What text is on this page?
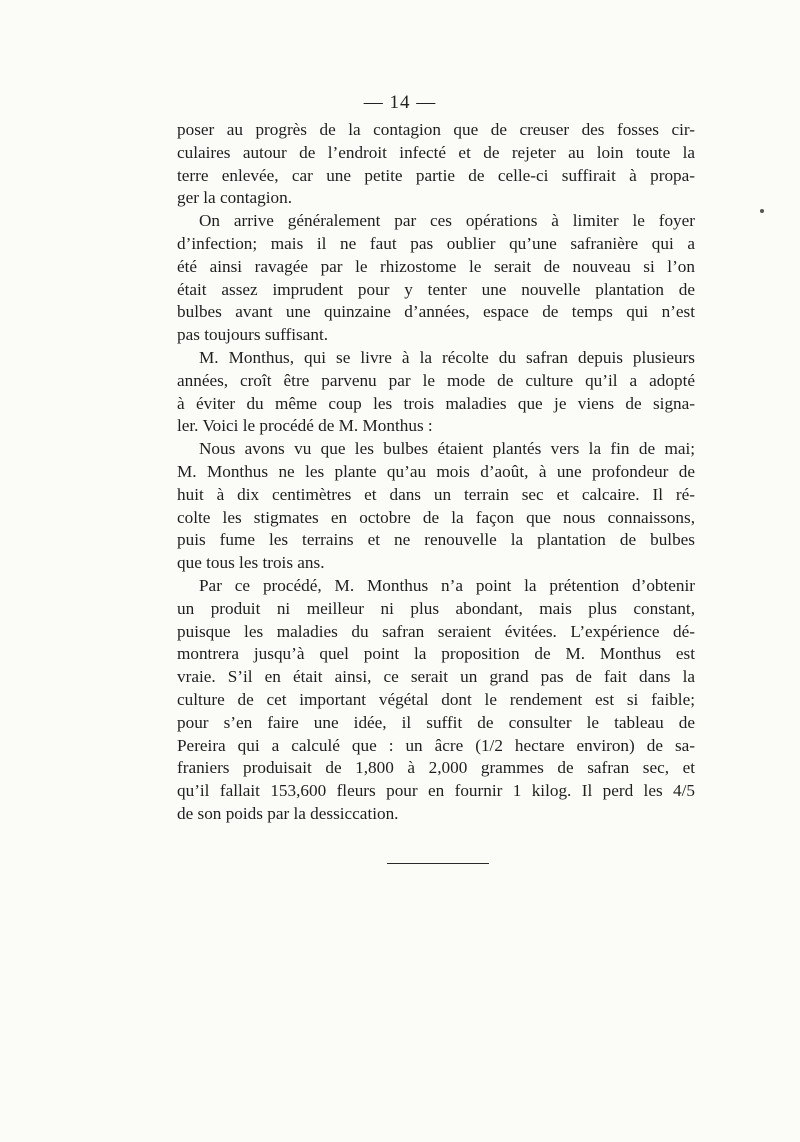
— 14 —

poser au progrès de la contagion que de creuser des fosses cir-
culaires autour de l’endroit infecté et de rejeter au loin toute la
terre enlevée, car une petite partie de celle-ci suffirait à propa-
ger la contagion.

On arrive généralement par ces opérations à limiter le foyer
d’infection; mais il ne faut pas oublier qu’une safranière qui a
été ainsi ravagée par le rhizostome le serait de nouveau si l’on
était assez imprudent pour y tenter une nouvelle plantation de
bulbes avant une quinzaine d’années, espace de temps qui n’est
pas toujours suffisant.

M. Monthus, qui se livre à la récolte du safran depuis plusieurs
années, croît être parvenu par le mode de culture qu’il a adopté
à éviter du même coup les trois maladies que je viens de signa-
ler. Voici le procédé de M. Monthus :

Nous avons vu que les bulbes étaient plantés vers la fin de mai;
M. Monthus ne les plante qu’au mois d’août, à une profondeur de
huit à dix centimètres et dans un terrain sec et calcaire. Il ré-
colte les stigmates en octobre de la façon que nous connaissons,
puis fume les terrains et ne renouvelle la plantation de bulbes
que tous les trois ans.

Par ce procédé, M. Monthus n’a point la prétention d’obtenir
un produit ni meilleur ni plus abondant, mais plus constant,
puisque les maladies du safran seraient évitées. L’expérience dé-
montrera jusqu’à quel point la proposition de M. Monthus est
vraie. S’il en était ainsi, ce serait un grand pas de fait dans la
culture de cet important végétal dont le rendement est si faible;
pour s’en faire une idée, il suffit de consulter le tableau de
Pereira qui a calculé que : un âcre (1/2 hectare environ) de sa-
franiers produisait de 1,800 à 2,000 grammes de safran sec, et
qu’il fallait 153,600 fleurs pour en fournir 1 kilog. Il perd les 4/5
de son poids par la dessiccation.
